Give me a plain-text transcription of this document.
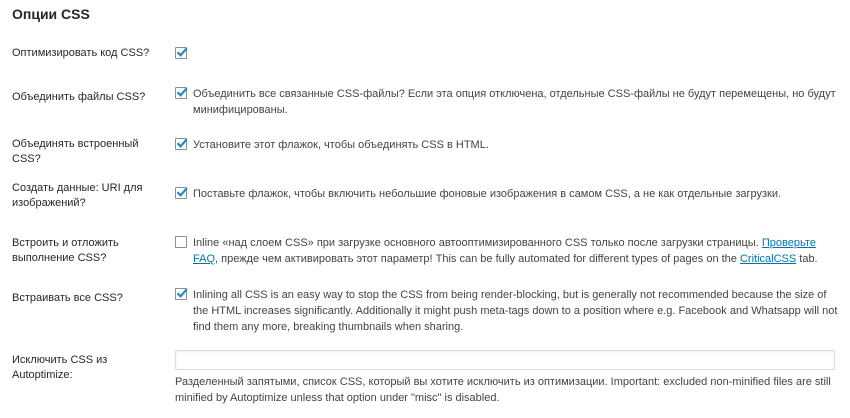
Опции CSS
Оптимизировать код CSS?
Объединить файлы CSS?	Объединить все связанные CSS-файлы? Если эта опция отключена, отдельные CSS-файлы не будут перемещены, но будут минифицированы.
Объединять встроенный CSS?
Установите этот флажок, чтобы объединять CSS в HTML.
Создать данные: URI для изображений?
Поставьте флажок, чтобы включить небольшие фоновые изображения в самом CSS, а не как отдельные загрузки.
Встроить и отложить выполнение CSS?
Inline «над слоем CSS» при загрузке основного автооптимизированного CSS только после загрузки страницы. Проверьте FAQ, прежде чем активировать этот параметр! This can be fully automated for different types of pages on the CriticalCSS tab.
Встраивать все CSS?	Inlining all CSS is an easy way to stop the CSS from being render-blocking, but is generally not recommended because the size of the HTML increases significantly. Additionally it might push meta-tags down to a position where e.g. Facebook and Whatsapp will not find them any more, breaking thumbnails when sharing.
Исключить CSS из Autoptimize:
Разделенный запятыми, список CSS, который вы хотите исключить из оптимизации. Important: excluded non-minified files are still minified by Autoptimize unless that option under "misc" is disabled.
